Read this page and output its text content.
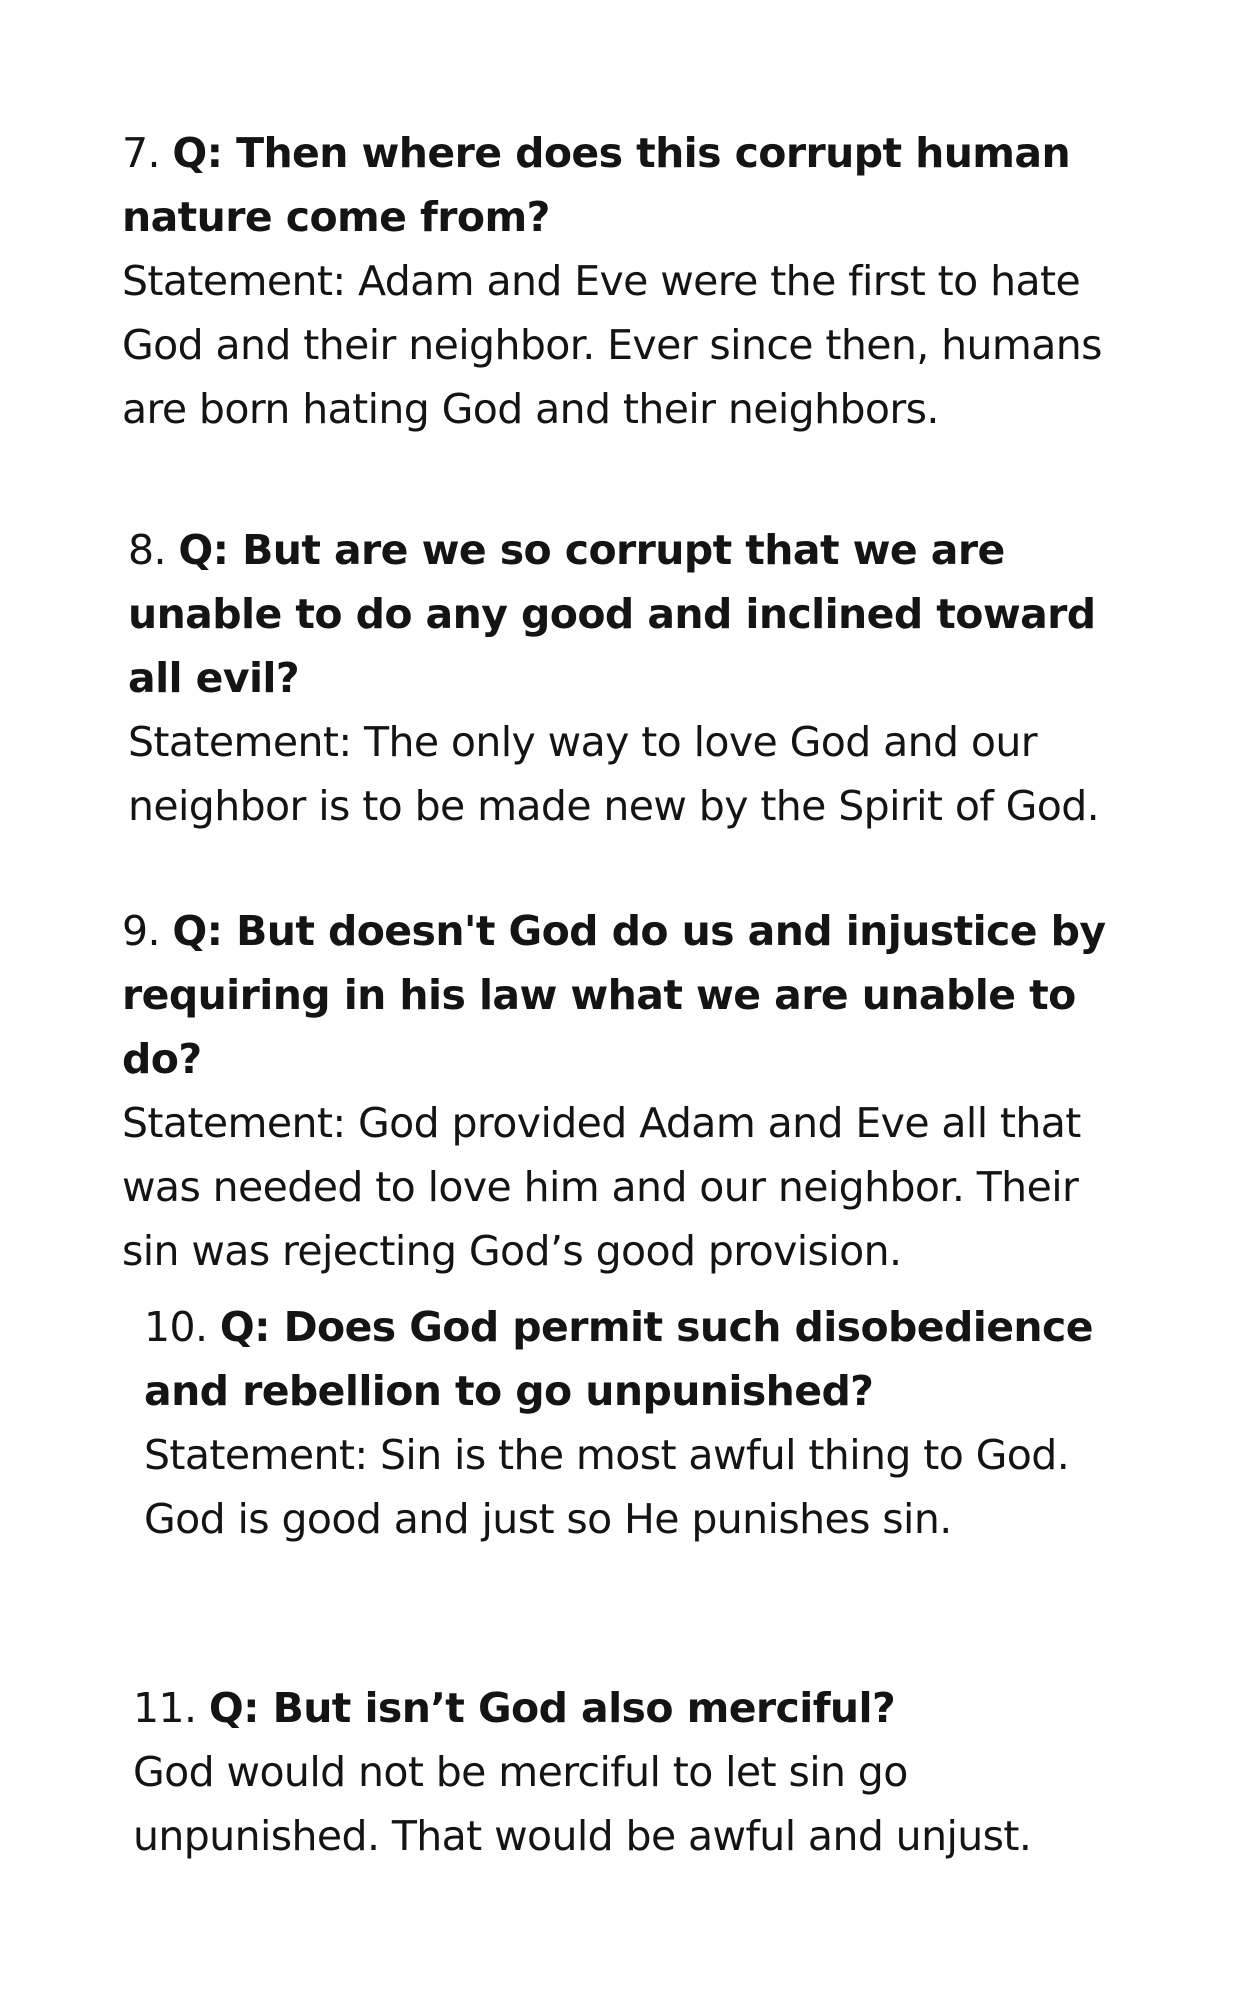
7. Q: Then where does this corrupt human nature come from?
Statement: Adam and Eve were the first to hate God and their neighbor. Ever since then, humans are born hating God and their neighbors.
8. Q: But are we so corrupt that we are unable to do any good and inclined toward all evil?
Statement: The only way to love God and our neighbor is to be made new by the Spirit of God.
9. Q: But doesn't God do us and injustice by requiring in his law what we are unable to do?
Statement: God provided Adam and Eve all that was needed to love him and our neighbor. Their sin was rejecting God’s good provision.
10. Q: Does God permit such disobedience and rebellion to go unpunished?
Statement: Sin is the most awful thing to God. God is good and just so He punishes sin.
11. Q: But isn’t God also merciful?
God would not be merciful to let sin go unpunished. That would be awful and unjust.
